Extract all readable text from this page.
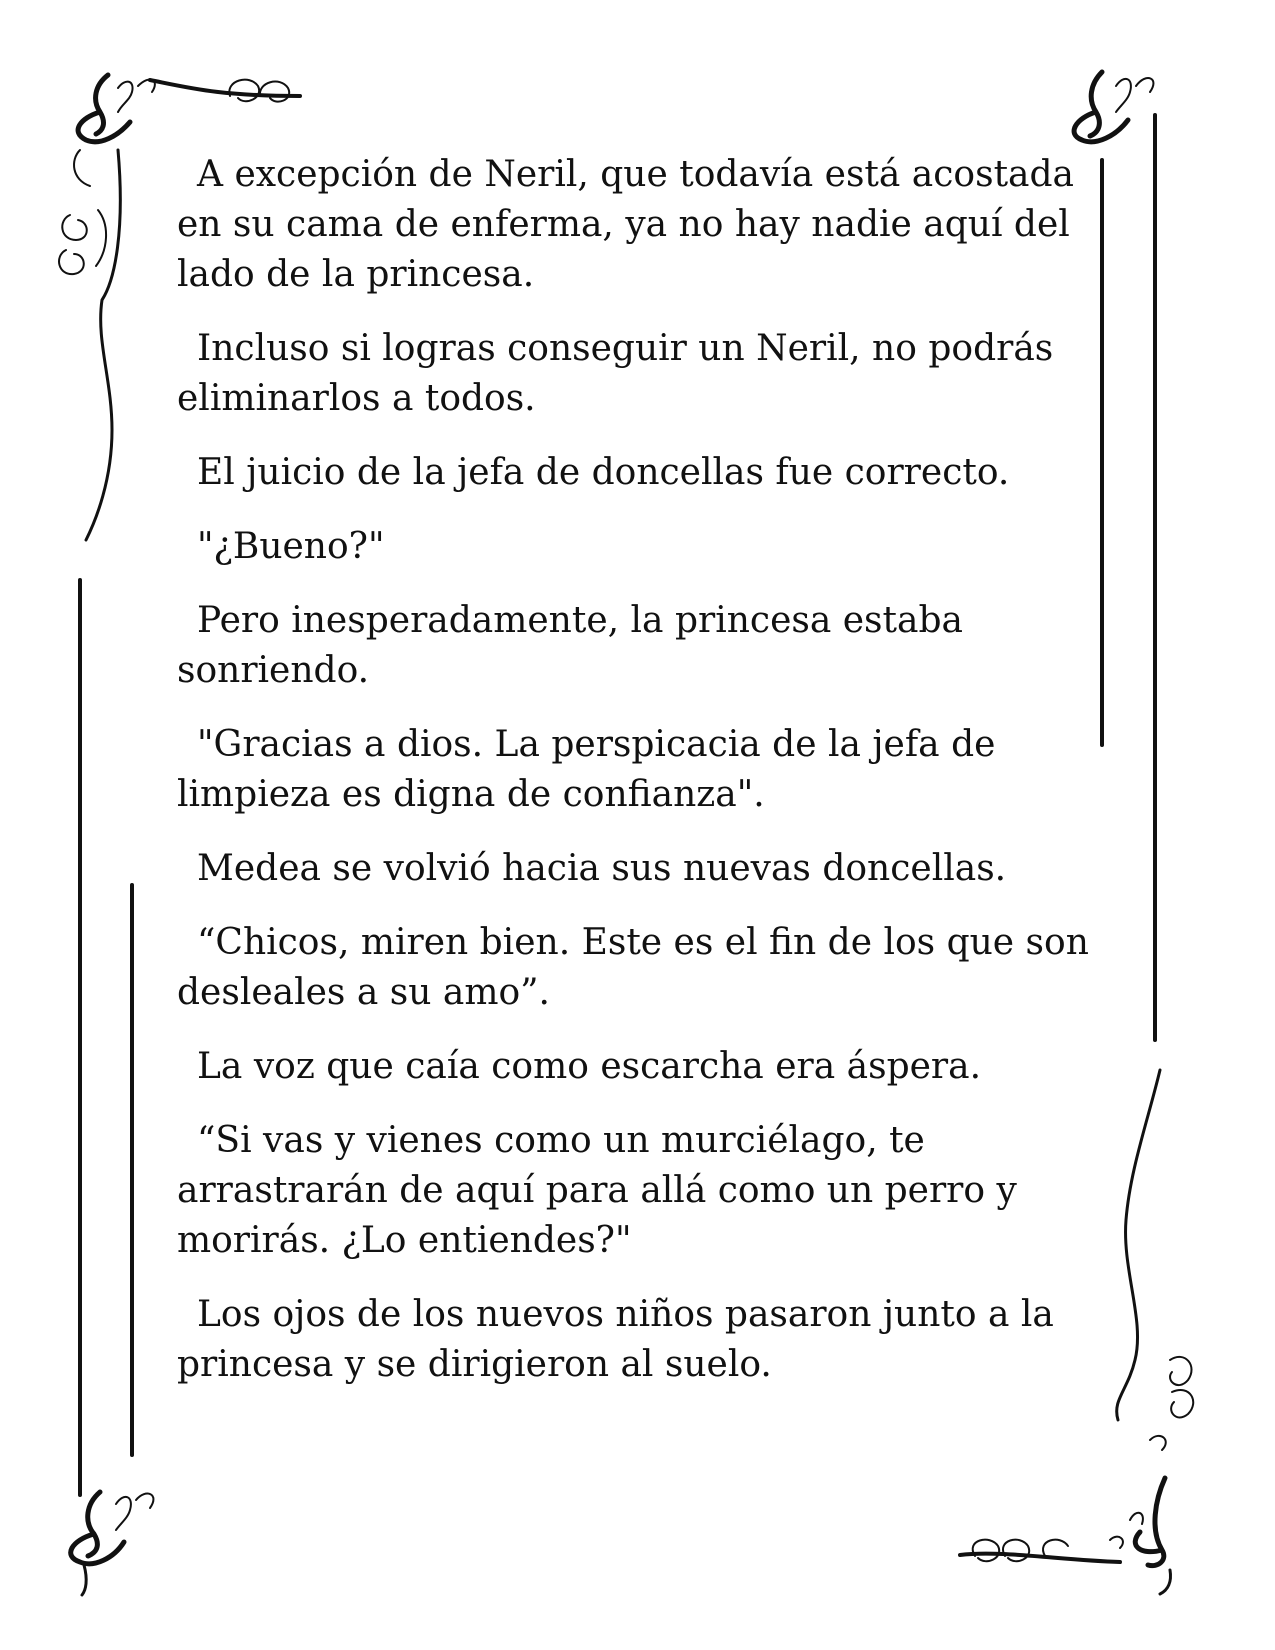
A excepción de Neril, que todavía está acostada en su cama de enferma, ya no hay nadie aquí del lado de la princesa.

Incluso si logras conseguir un Neril, no podrás eliminarlos a todos.

El juicio de la jefa de doncellas fue correcto.

"¿Bueno?"

Pero inesperadamente, la princesa estaba sonriendo.

"Gracias a dios. La perspicacia de la jefa de limpieza es digna de confianza".

Medea se volvió hacia sus nuevas doncellas.

“Chicos, miren bien. Este es el fin de los que son desleales a su amo”.

La voz que caía como escarcha era áspera.

“Si vas y vienes como un murciélago, te arrastrarán de aquí para allá como un perro y morirás. ¿Lo entiendes?"

Los ojos de los nuevos niños pasaron junto a la princesa y se dirigieron al suelo.
